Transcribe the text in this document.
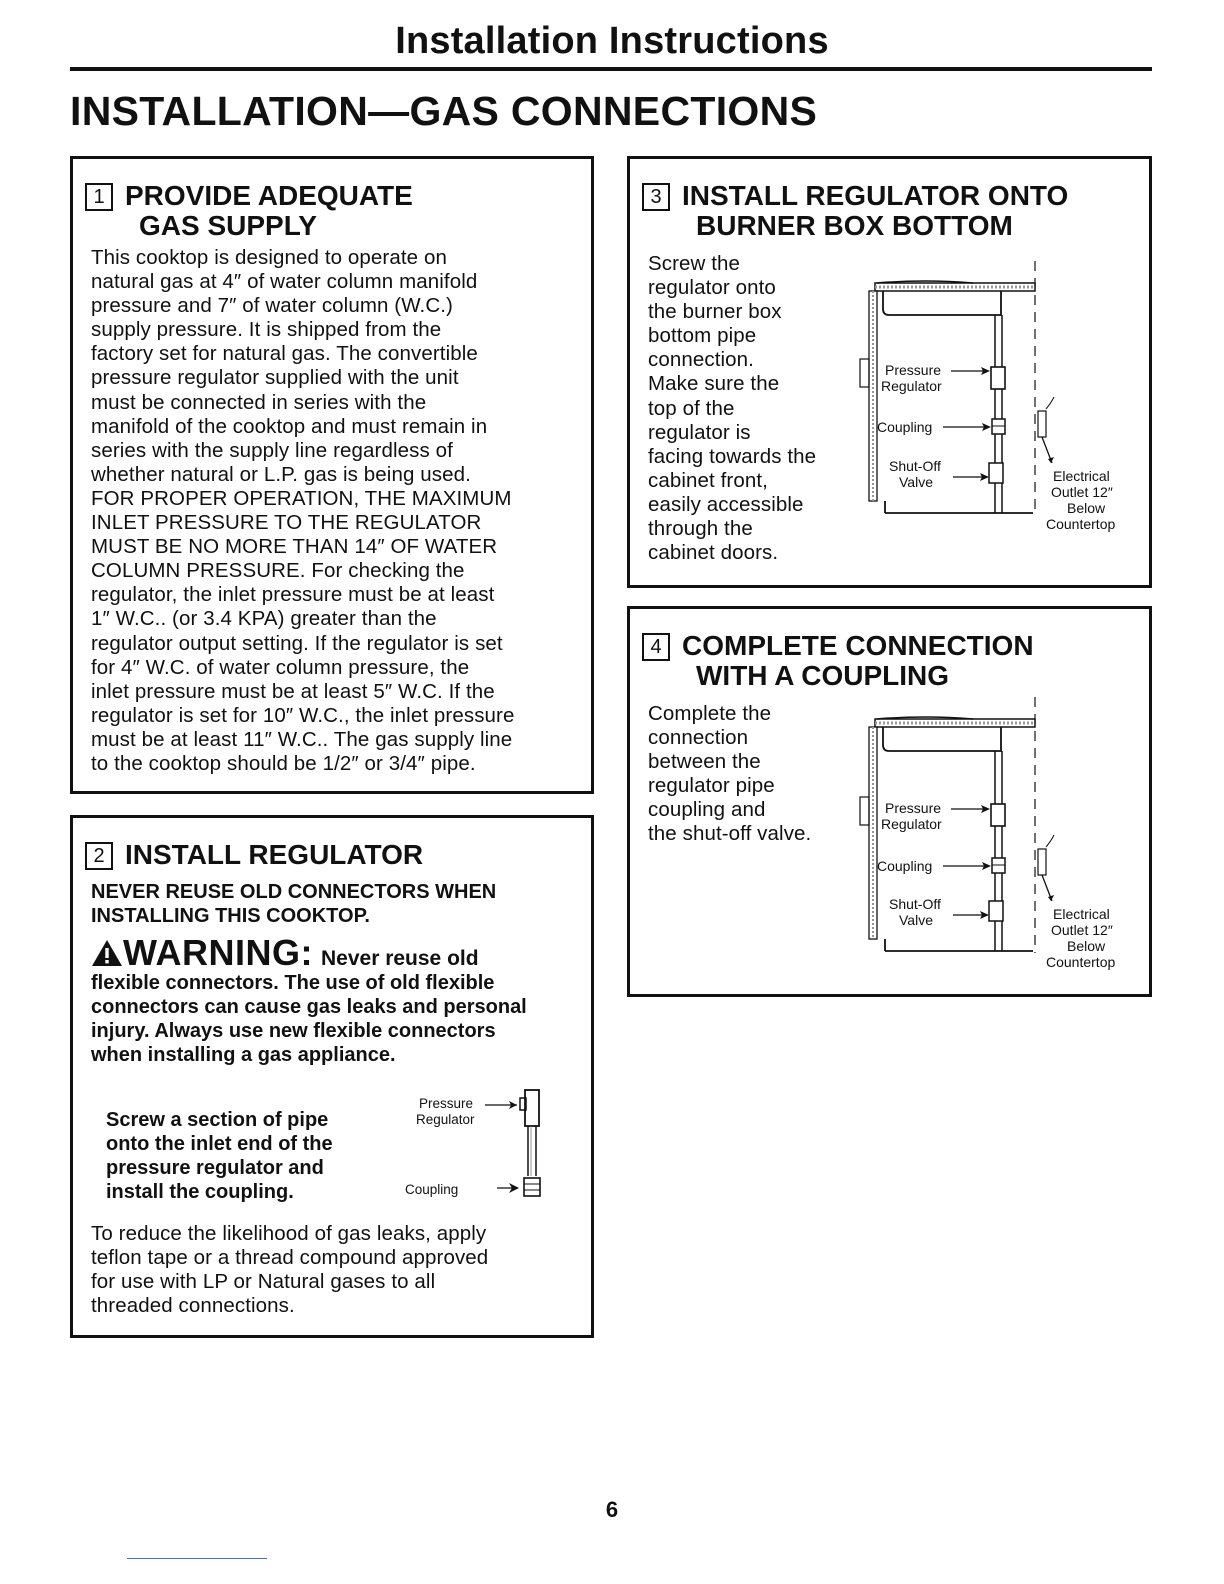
Installation Instructions
INSTALLATION—GAS CONNECTIONS
1 PROVIDE ADEQUATE
GAS SUPPLY
This cooktop is designed to operate on
natural gas at 4″ of water column manifold
pressure and 7″ of water column (W.C.)
supply pressure. It is shipped from the
factory set for natural gas. The convertible
pressure regulator supplied with the unit
must be connected in series with the
manifold of the cooktop and must remain in
series with the supply line regardless of
whether natural or L.P. gas is being used.
FOR PROPER OPERATION, THE MAXIMUM
INLET PRESSURE TO THE REGULATOR
MUST BE NO MORE THAN 14″ OF WATER
COLUMN PRESSURE. For checking the
regulator, the inlet pressure must be at least
1″ W.C.. (or 3.4 KPA) greater than the
regulator output setting. If the regulator is set
for 4″ W.C. of water column pressure, the
inlet pressure must be at least 5″ W.C. If the
regulator is set for 10″ W.C., the inlet pressure
must be at least 11″ W.C.. The gas supply line
to the cooktop should be 1/2″ or 3/4″ pipe.
2 INSTALL REGULATOR
NEVER REUSE OLD CONNECTORS WHEN
INSTALLING THIS COOKTOP.
WARNING: Never reuse old
flexible connectors. The use of old flexible
connectors can cause gas leaks and personal
injury. Always use new flexible connectors
when installing a gas appliance.
Screw a section of pipe
onto the inlet end of the
pressure regulator and
install the coupling.
Pressure
Regulator
Coupling
To reduce the likelihood of gas leaks, apply
teflon tape or a thread compound approved
for use with LP or Natural gases to all
threaded connections.
3 INSTALL REGULATOR ONTO
BURNER BOX BOTTOM
Screw the
regulator onto
the burner box
bottom pipe
connection.
Make sure the
top of the
regulator is
facing towards the
cabinet front,
easily accessible
through the
cabinet doors.
Pressure
Regulator
Coupling
Shut-Off
Valve	Electrical
Outlet 12″
Below
Countertop
4 COMPLETE CONNECTION
WITH A COUPLING
Complete the
connection
between the
regulator pipe
coupling and
the shut-off valve.
Pressure
Regulator
Coupling
Shut-Off
Valve	Electrical
Outlet 12″
Below
Countertop
6
